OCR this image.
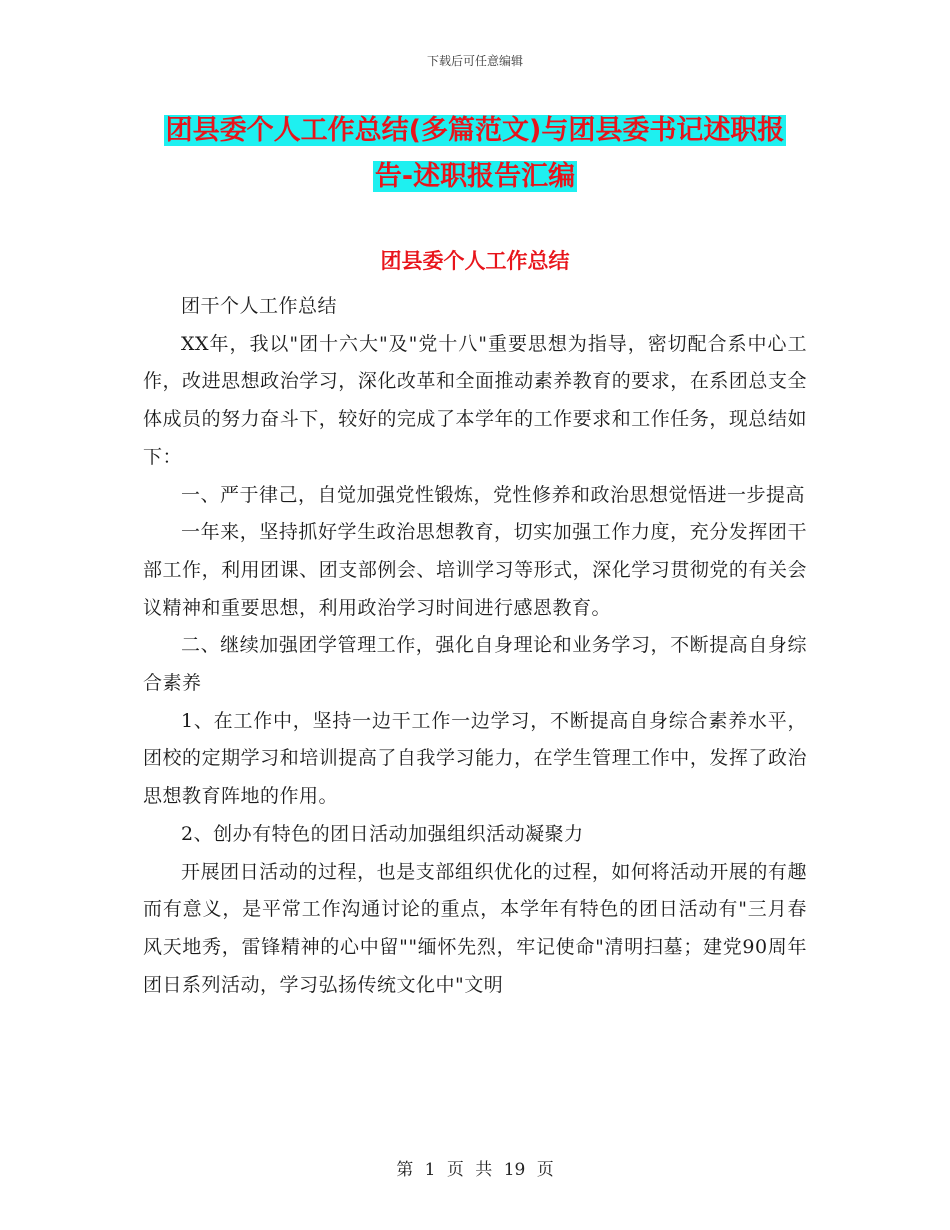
下载后可任意编辑
团县委个人工作总结(多篇范文)与团县委书记述职报
告-述职报告汇编
团县委个人工作总结

团干个人工作总结

XX年，我以"团十六大"及"党十八"重要思想为指导，密切配合系中心工作，改进思想政治学习，深化改革和全面推动素养教育的要求，在系团总支全体成员的努力奋斗下，较好的完成了本学年的工作要求和工作任务，现总结如下：

一、严于律己，自觉加强党性锻炼，党性修养和政治思想觉悟进一步提高

一年来，坚持抓好学生政治思想教育，切实加强工作力度，充分发挥团干部工作，利用团课、团支部例会、培训学习等形式，深化学习贯彻党的有关会议精神和重要思想，利用政治学习时间进行感恩教育。

二、继续加强团学管理工作，强化自身理论和业务学习，不断提高自身综合素养

1、在工作中，坚持一边干工作一边学习，不断提高自身综合素养水平，团校的定期学习和培训提高了自我学习能力，在学生管理工作中，发挥了政治思想教育阵地的作用。

2、创办有特色的团日活动加强组织活动凝聚力

开展团日活动的过程，也是支部组织优化的过程，如何将活动开展的有趣而有意义，是平常工作沟通讨论的重点，本学年有特色的团日活动有"三月春风天地秀，雷锋精神的心中留""缅怀先烈，牢记使命"清明扫墓；建党90周年团日系列活动，学习弘扬传统文化中"文明

第 1 页 共 19 页
